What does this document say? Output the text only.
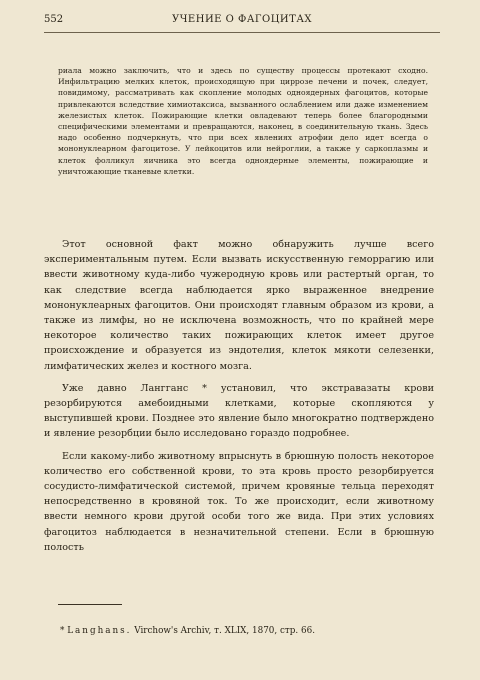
552	УЧЕНИЕ О ФАГОЦИТАХ

риала можно заключить, что и здесь по существу процессы протекают сходно. Инфильтрацию мелких клеток, происходящую при циррозе печени и почек, следует, повидимому, рассматривать как скопление молодых одноядерных фагоцитов, которые привлекаются вследствие химиотаксиса, вызванного ослаблением или даже изменением железистых клеток. Пожирающие клетки овладевают теперь более благородными специфическими элементами и превращаются, наконец, в соединительную ткань. Здесь надо особенно подчеркнуть, что при всех явлениях атрофии дело идет всегда о мононуклеарном фагоцитозе. У лейкоцитов или нейроглии, а также у саркоплазмы и клеток фолликул яичника это всегда одноядерные элементы, пожирающие и уничтожающие тканевые клетки.

Этот основной факт можно обнаружить лучше всего экспериментальным путем. Если вызвать искусственную геморрагию или ввести животному куда-либо чужеродную кровь или растертый орган, то как следствие всегда наблюдается ярко выраженное внедрение мононуклеарных фагоцитов. Они происходят главным образом из крови, а также из лимфы, но не исключена возможность, что по крайней мере некоторое количество таких пожирающих клеток имеет другое происхождение и образуется из эндотелия, клеток мякоти селезенки, лимфатических желез и костного мозга.

Уже давно Лангганс * установил, что экстравазаты крови резорбируются амебоидными клетками, которые скопляются у выступившей крови. Позднее это явление было многократно подтверждено и явление резорбции было исследовано гораздо подробнее.

Если какому-либо животному впрыснуть в брюшную полость некоторое количество его собственной крови, то эта кровь просто резорбируется сосудисто-лимфатической системой, причем кровяные тельца переходят непосредственно в кровяной ток. То же происходит, если животному ввести немного крови другой особи того же вида. При этих условиях фагоцитоз наблюдается в незначительной степени. Если в брюшную полость

* Langhans. Virchow's Archiv, т. XLIX, 1870, стр. 66.
